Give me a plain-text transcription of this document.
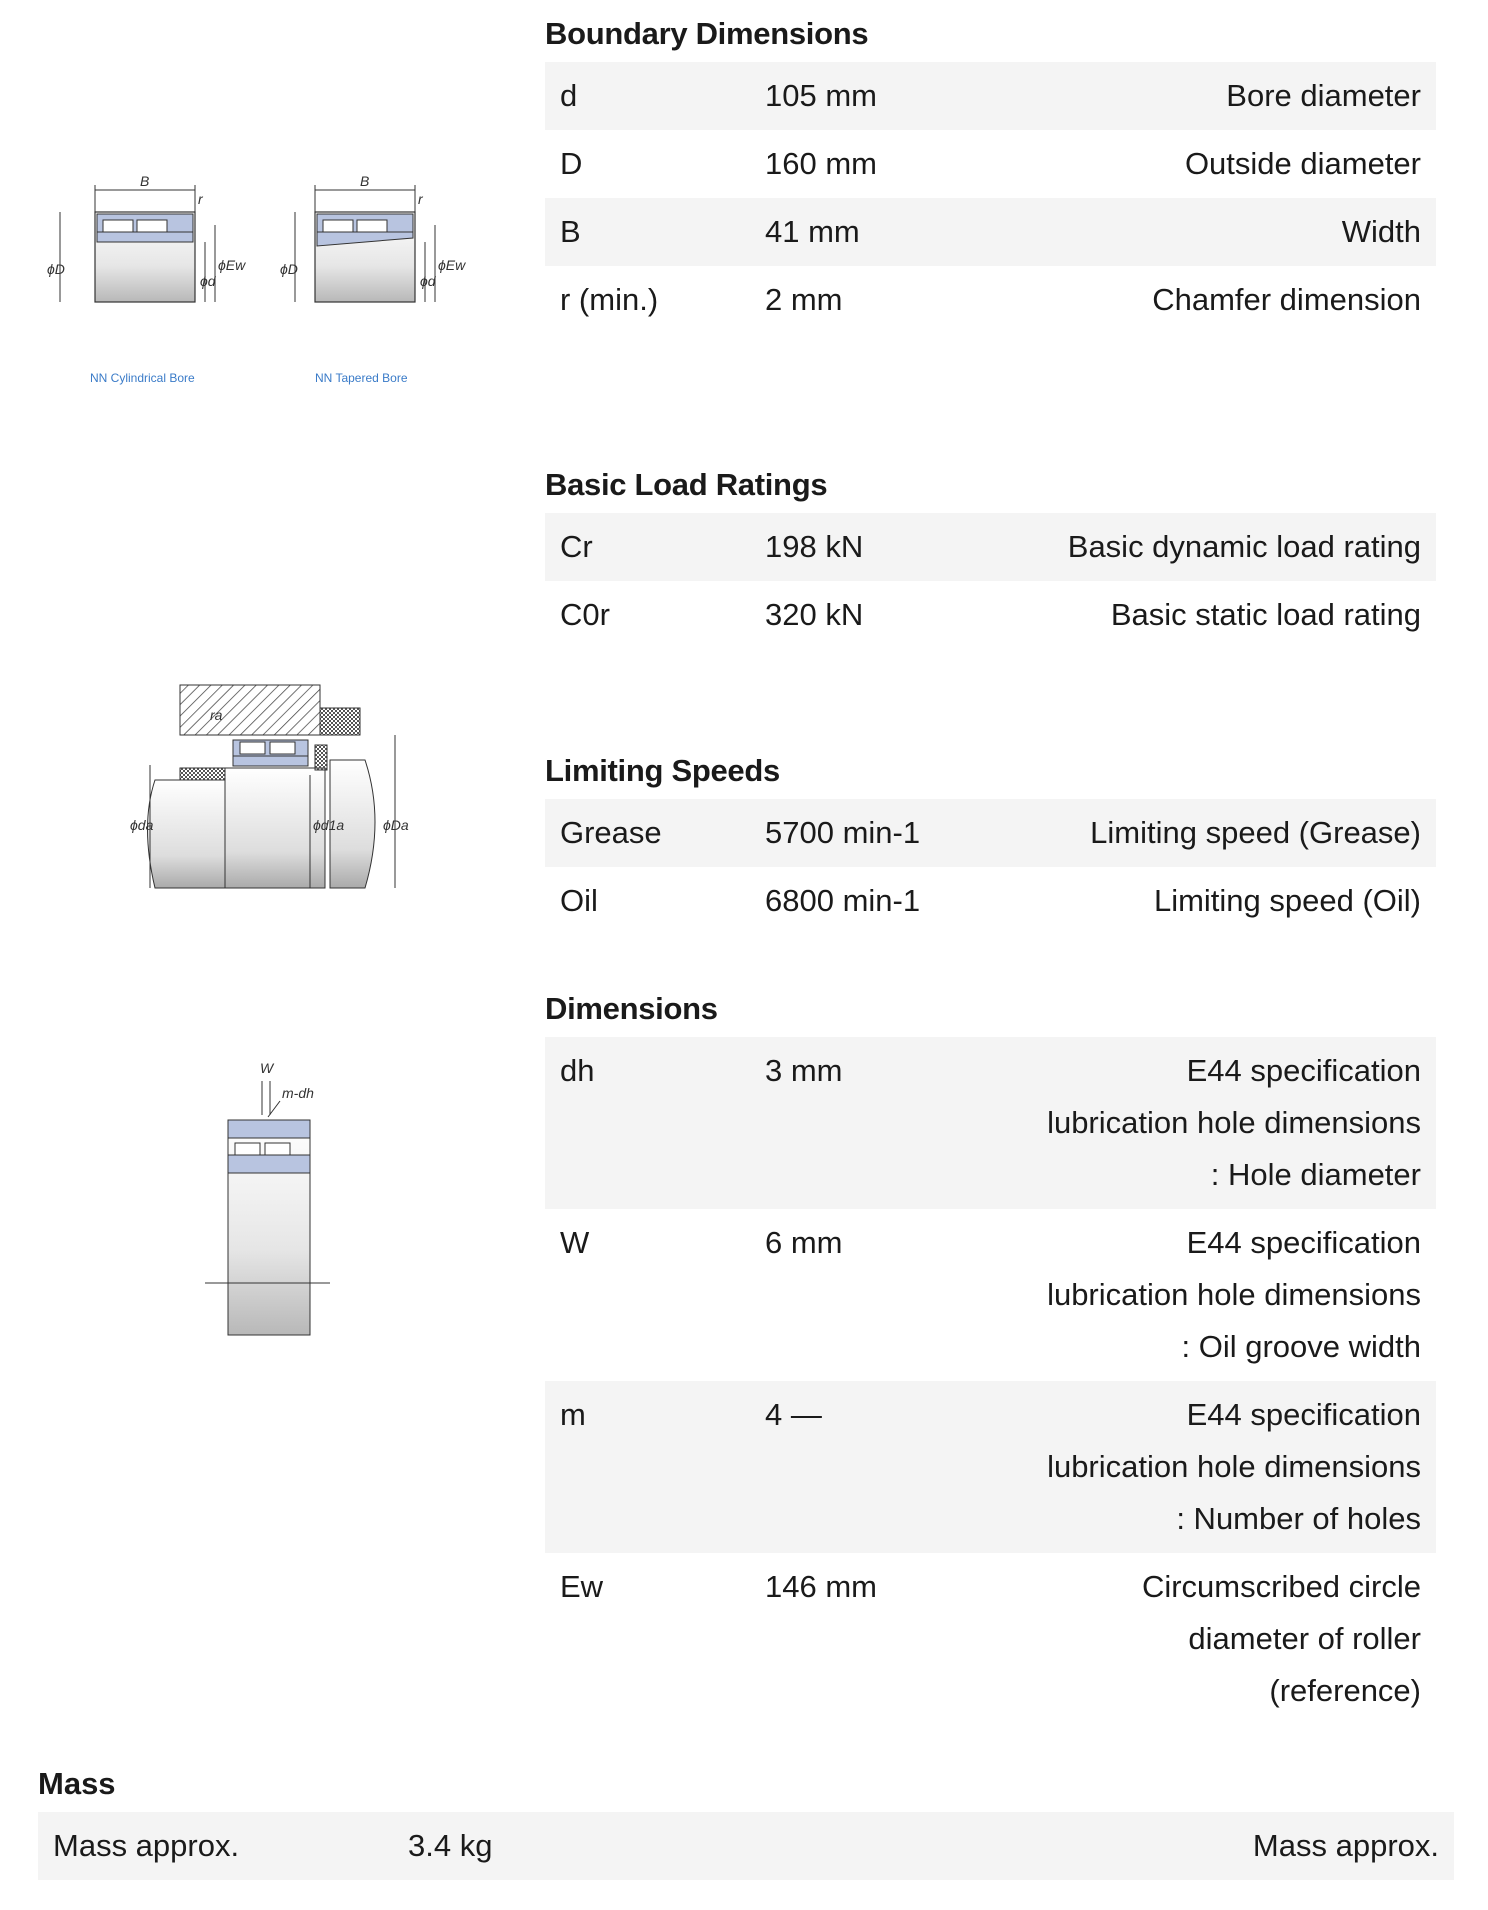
B
r
ϕD	ϕEw
ϕd
NN Cylindrical Bore
B
r
ϕD	ϕEw
ϕd
NN Tapered Bore
ra
ϕda	ϕd1a	ϕDa
W
m-dh
Boundary Dimensions
d	105 mm	Bore diameter
D	160 mm	Outside diameter
B	41 mm	Width
r (min.)	2 mm	Chamfer dimension
Basic Load Ratings
Cr	198 kN	Basic dynamic load rating
C0r	320 kN	Basic static load rating
Limiting Speeds
Grease	5700 min-1	Limiting speed (Grease)
Oil	6800 min-1	Limiting speed (Oil)
Dimensions
dh	3 mm	E44 specification lubrication hole dimensions : Hole diameter
W	6 mm	E44 specification lubrication hole dimensions : Oil groove width
m	4 —	E44 specification lubrication hole dimensions : Number of holes
Ew	146 mm	Circumscribed circle diameter of roller (reference)
Mass
Mass approx.	3.4 kg	Mass approx.
